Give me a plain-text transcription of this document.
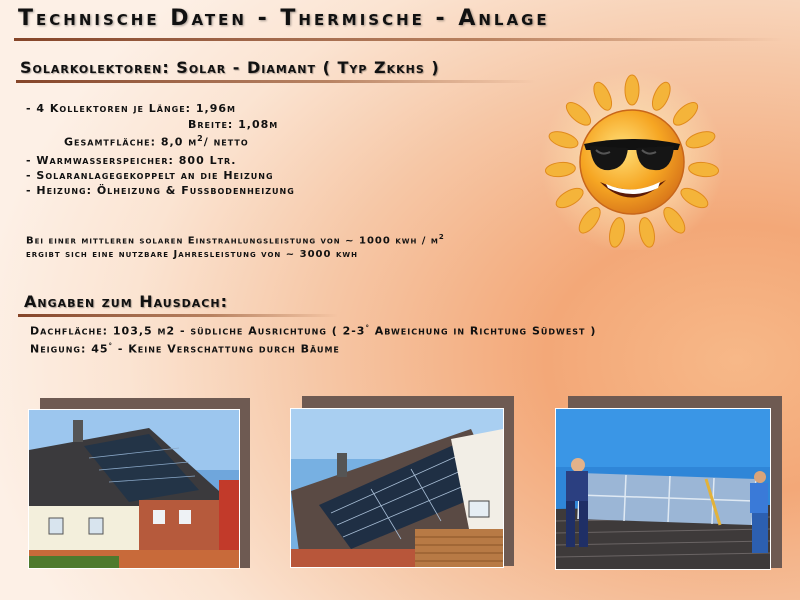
Technische Daten - Thermische - Anlage
Solarkolektoren: Solar - Diamant ( Typ Zkkhs )
- 4 Kollektoren je Länge: 1,96m
Breite: 1,08m
Gesamtfläche: 8,0 $m^2/$ netto
- Warmwasserspeicher: 800 Ltr.
- Solaranlagegekoppelt an die Heizung
- Heizung: Ölheizung & Fussbodenheizung
Bei einer mittleren solaren Einstrahlungsleistung von ~ 1000 kwh / $m^2$
ergibt sich eine nutzbare Jahresleistung von ~ 3000 kwh
Angaben zum Hausdach:
Dachfläche: 103,5 m2 - südliche Ausrichtung ( 2-3° Abweichung in Richtung Südwest )
Neigung: 45° - Keine Verschattung durch Bäume
